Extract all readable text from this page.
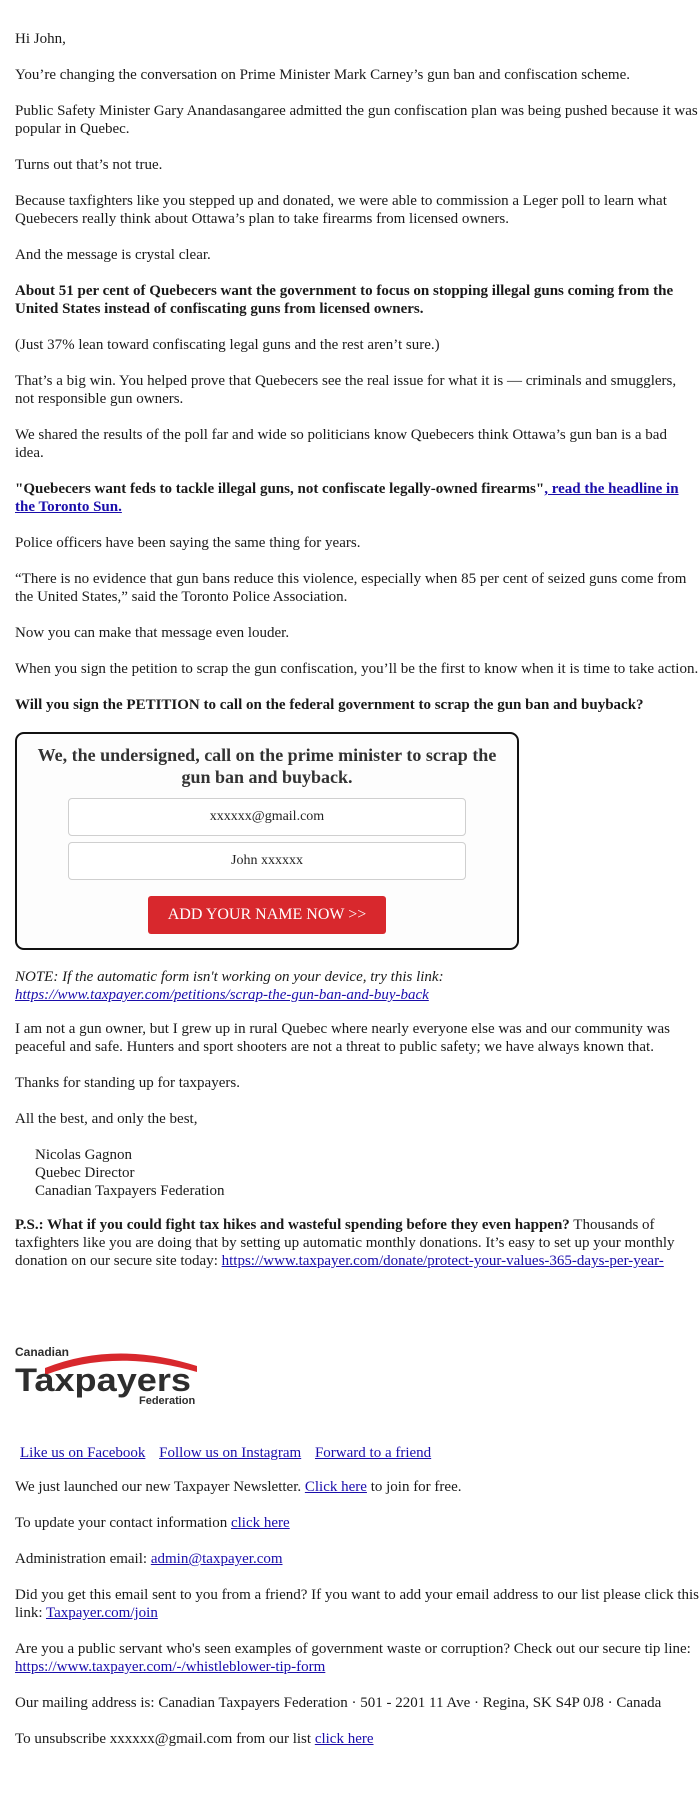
Hi John,

You’re changing the conversation on Prime Minister Mark Carney’s gun ban and confiscation scheme.

Public Safety Minister Gary Anandasangaree admitted the gun confiscation plan was being pushed because it was popular in Quebec.

Turns out that’s not true.

Because taxfighters like you stepped up and donated, we were able to commission a Leger poll to learn what Quebecers really think about Ottawa’s plan to take firearms from licensed owners.

And the message is crystal clear.

About 51 per cent of Quebecers want the government to focus on stopping illegal guns coming from the United States instead of confiscating guns from licensed owners.

(Just 37% lean toward confiscating legal guns and the rest aren’t sure.)

That’s a big win. You helped prove that Quebecers see the real issue for what it is — criminals and smugglers, not responsible gun owners.

We shared the results of the poll far and wide so politicians know Quebecers think Ottawa’s gun ban is a bad idea.

"Quebecers want feds to tackle illegal guns, not confiscate legally-owned firearms", read the headline in the Toronto Sun.

Police officers have been saying the same thing for years.

“There is no evidence that gun bans reduce this violence, especially when 85 per cent of seized guns come from the United States,” said the Toronto Police Association.

Now you can make that message even louder.

When you sign the petition to scrap the gun confiscation, you’ll be the first to know when it is time to take action.

Will you sign the PETITION to call on the federal government to scrap the gun ban and buyback?

We, the undersigned, call on the prime minister to scrap the gun ban and buyback.
xxxxxx@gmail.com
John xxxxxx
ADD YOUR NAME NOW >>

NOTE: If the automatic form isn't working on your device, try this link: https://www.taxpayer.com/petitions/scrap-the-gun-ban-and-buy-back

I am not a gun owner, but I grew up in rural Quebec where nearly everyone else was and our community was peaceful and safe. Hunters and sport shooters are not a threat to public safety; we have always known that.

Thanks for standing up for taxpayers.

All the best, and only the best,

Nicolas Gagnon
Quebec Director
Canadian Taxpayers Federation

P.S.: What if you could fight tax hikes and wasteful spending before they even happen? Thousands of taxfighters like you are doing that by setting up automatic monthly donations. It’s easy to set up your monthly donation on our secure site today: https://www.taxpayer.com/donate/protect-your-values-365-days-per-year-

Canadian
Taxpayers
Federation

Like us on Facebook Follow us on Instagram Forward to a friend

We just launched our new Taxpayer Newsletter. Click here to join for free.

To update your contact information click here

Administration email: admin@taxpayer.com

Did you get this email sent to you from a friend? If you want to add your email address to our list please click this link: Taxpayer.com/join

Are you a public servant who's seen examples of government waste or corruption? Check out our secure tip line: https://www.taxpayer.com/-/whistleblower-tip-form

Our mailing address is: Canadian Taxpayers Federation · 501 - 2201 11 Ave · Regina, SK S4P 0J8 · Canada

To unsubscribe xxxxxx@gmail.com from our list click here
